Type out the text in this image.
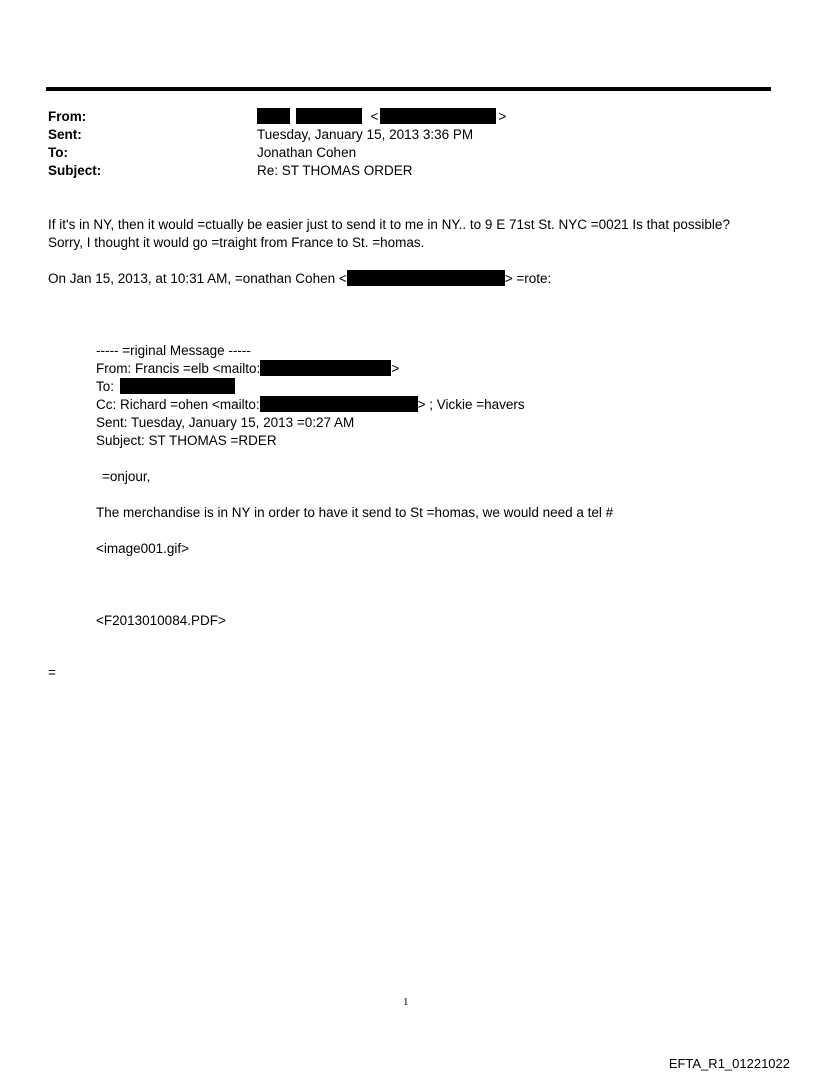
From:	<	>
Sent:	Tuesday, January 15, 2013 3:36 PM
To:	Jonathan Cohen
Subject:	Re: ST THOMAS ORDER
If it's in NY, then it would =ctually be easier just to send it to me in NY.. to 9 E 71st St. NYC =0021 Is that possible?
Sorry, I thought it would go =traight from France to St. =homas.
On Jan 15, 2013, at 10:31 AM, =onathan Cohen <	> =rote:
----- =riginal Message -----
From: Francis =elb <mailto:	>
To:
Cc: Richard =ohen <mailto:	> ; Vickie =havers
Sent: Tuesday, January 15, 2013 =0:27 AM
Subject: ST THOMAS =RDER
=onjour,
The merchandise is in NY in order to have it send to St =homas, we would need a tel #
<image001.gif>
<F2013010084.PDF>
=
1
EFTA_R1_01221022
